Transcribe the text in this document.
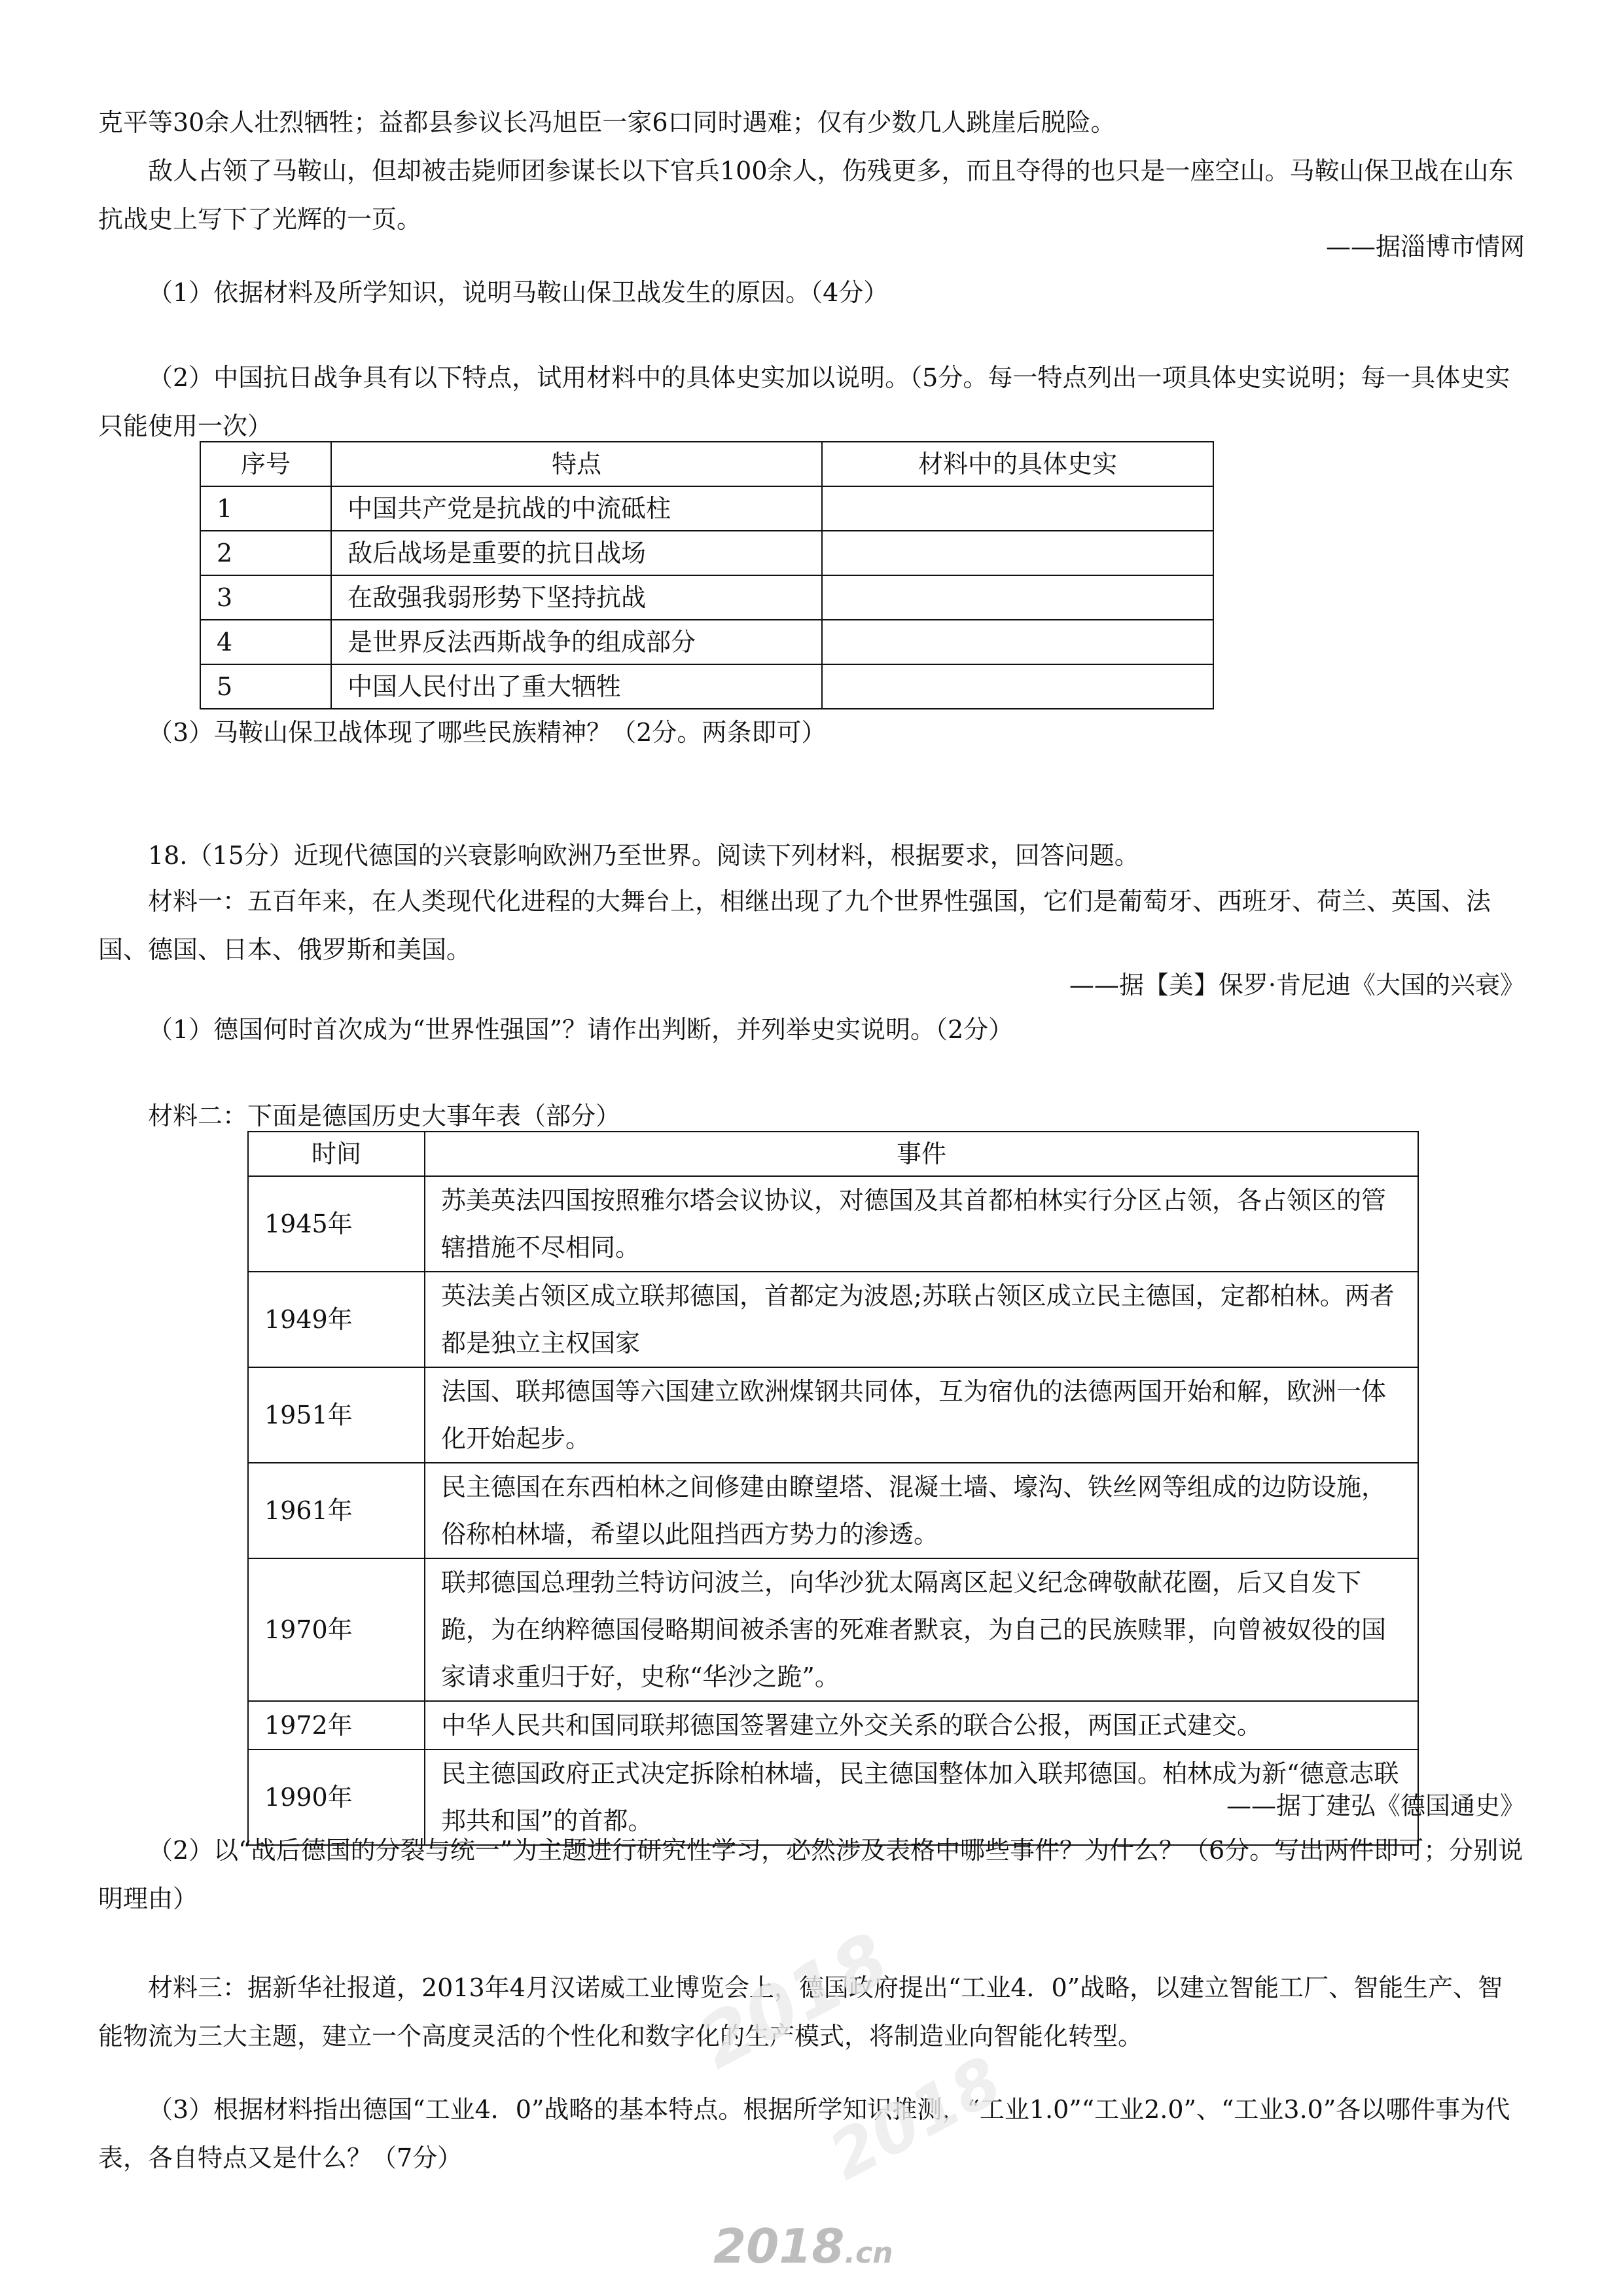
克平等30余人壮烈牺牲；益都县参议长冯旭臣一家6口同时遇难；仅有少数几人跳崖后脱险。

敌人占领了马鞍山，但却被击毙师团参谋长以下官兵100余人，伤残更多，而且夺得的也只是一座空山。马鞍山保卫战在山东抗战史上写下了光辉的一页。

——据淄博市情网

（1）依据材料及所学知识，说明马鞍山保卫战发生的原因。（4分）

（2）中国抗日战争具有以下特点，试用材料中的具体史实加以说明。（5分。每一特点列出一项具体史实说明；每一具体史实只能使用一次）

序号	特点	材料中的具体史实
1	中国共产党是抗战的中流砥柱	
2	敌后战场是重要的抗日战场	
3	在敌强我弱形势下坚持抗战	
4	是世界反法西斯战争的组成部分	
5	中国人民付出了重大牺牲	

（3）马鞍山保卫战体现了哪些民族精神？（2分。两条即可）

18.（15分）近现代德国的兴衰影响欧洲乃至世界。阅读下列材料，根据要求，回答问题。

材料一：五百年来，在人类现代化进程的大舞台上，相继出现了九个世界性强国，它们是葡萄牙、西班牙、荷兰、英国、法国、德国、日本、俄罗斯和美国。

——据【美】保罗·肯尼迪《大国的兴衰》

（1）德国何时首次成为“世界性强国”？请作出判断，并列举史实说明。（2分）

材料二：下面是德国历史大事年表（部分）

时间	事件
1945年	苏美英法四国按照雅尔塔会议协议，对德国及其首都柏林实行分区占领，各占领区的管辖措施不尽相同。
1949年	英法美占领区成立联邦德国，首都定为波恩;苏联占领区成立民主德国，定都柏林。两者都是独立主权国家
1951年	法国、联邦德国等六国建立欧洲煤钢共同体，互为宿仇的法德两国开始和解，欧洲一体化开始起步。
1961年	民主德国在东西柏林之间修建由瞭望塔、混凝土墙、壕沟、铁丝网等组成的边防设施，俗称柏林墙，希望以此阻挡西方势力的渗透。
1970年	联邦德国总理勃兰特访问波兰，向华沙犹太隔离区起义纪念碑敬献花圈，后又自发下跪，为在纳粹德国侵略期间被杀害的死难者默哀，为自己的民族赎罪，向曾被奴役的国家请求重归于好，史称“华沙之跪”。
1972年	中华人民共和国同联邦德国签署建立外交关系的联合公报，两国正式建交。
1990年	民主德国政府正式决定拆除柏林墙，民主德国整体加入联邦德国。柏林成为新“德意志联邦共和国”的首都。

——据丁建弘《德国通史》

（2）以“战后德国的分裂与统一”为主题进行研究性学习，必然涉及表格中哪些事件？为什么？（6分。写出两件即可；分别说明理由）

材料三：据新华社报道，2013年4月汉诺威工业博览会上，德国政府提出“工业4．0”战略，以建立智能工厂、智能生产、智能物流为三大主题，建立一个高度灵活的个性化和数字化的生产模式，将制造业向智能化转型。

（3）根据材料指出德国“工业4．0”战略的基本特点。根据所学知识推测，“工业1.0”“工业2.0”、“工业3.0”各以哪件事为代表，各自特点又是什么？（7分）

2018
2018
2018.cn
